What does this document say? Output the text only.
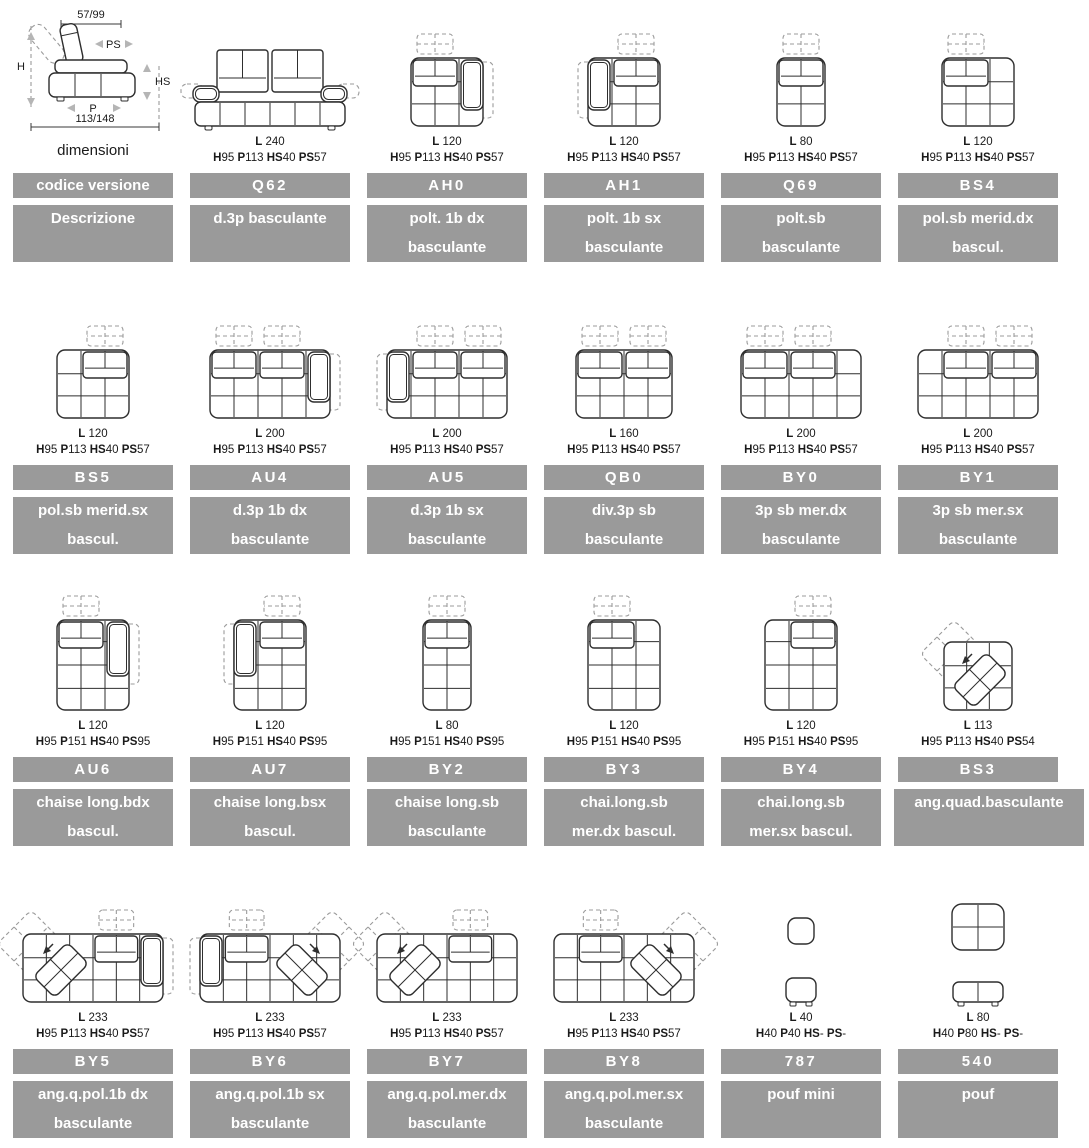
57/99
PS
H
HS
P
113/148
dimensioni
codice versione
Descrizione
L 240
H95 P113 HS40 PS57
Q62
d.3p basculante
L 120
H95 P113 HS40 PS57
AH0
polt. 1b dx
basculante
L 120
H95 P113 HS40 PS57
AH1
polt. 1b sx
basculante
L 80
H95 P113 HS40 PS57
Q69
polt.sb
basculante
L 120
H95 P113 HS40 PS57
BS4
pol.sb merid.dx
bascul.
L 120
H95 P113 HS40 PS57
BS5
pol.sb merid.sx
bascul.
L 200
H95 P113 HS40 PS57
AU4
d.3p 1b dx
basculante
L 200
H95 P113 HS40 PS57
AU5
d.3p 1b sx
basculante
L 160
H95 P113 HS40 PS57
QB0
div.3p sb
basculante
L 200
H95 P113 HS40 PS57
BY0
3p sb mer.dx
basculante
L 200
H95 P113 HS40 PS57
BY1
3p sb mer.sx
basculante
L 120
H95 P151 HS40 PS95
AU6
chaise long.bdx
bascul.
L 120
H95 P151 HS40 PS95
AU7
chaise long.bsx
bascul.
L 80
H95 P151 HS40 PS95
BY2
chaise long.sb
basculante
L 120
H95 P151 HS40 PS95
BY3
chai.long.sb
mer.dx bascul.
L 120
H95 P151 HS40 PS95
BY4
chai.long.sb
mer.sx bascul.
L 113
H95 P113 HS40 PS54
BS3
ang.quad.basculante
L 233
H95 P113 HS40 PS57
BY5
ang.q.pol.1b dx
basculante
L 233
H95 P113 HS40 PS57
BY6
ang.q.pol.1b sx
basculante
L 233
H95 P113 HS40 PS57
BY7
ang.q.pol.mer.dx
basculante
L 233
H95 P113 HS40 PS57
BY8
ang.q.pol.mer.sx
basculante
L 40
H40 P40 HS- PS-
787
pouf mini
L 80
H40 P80 HS- PS-
540
pouf
